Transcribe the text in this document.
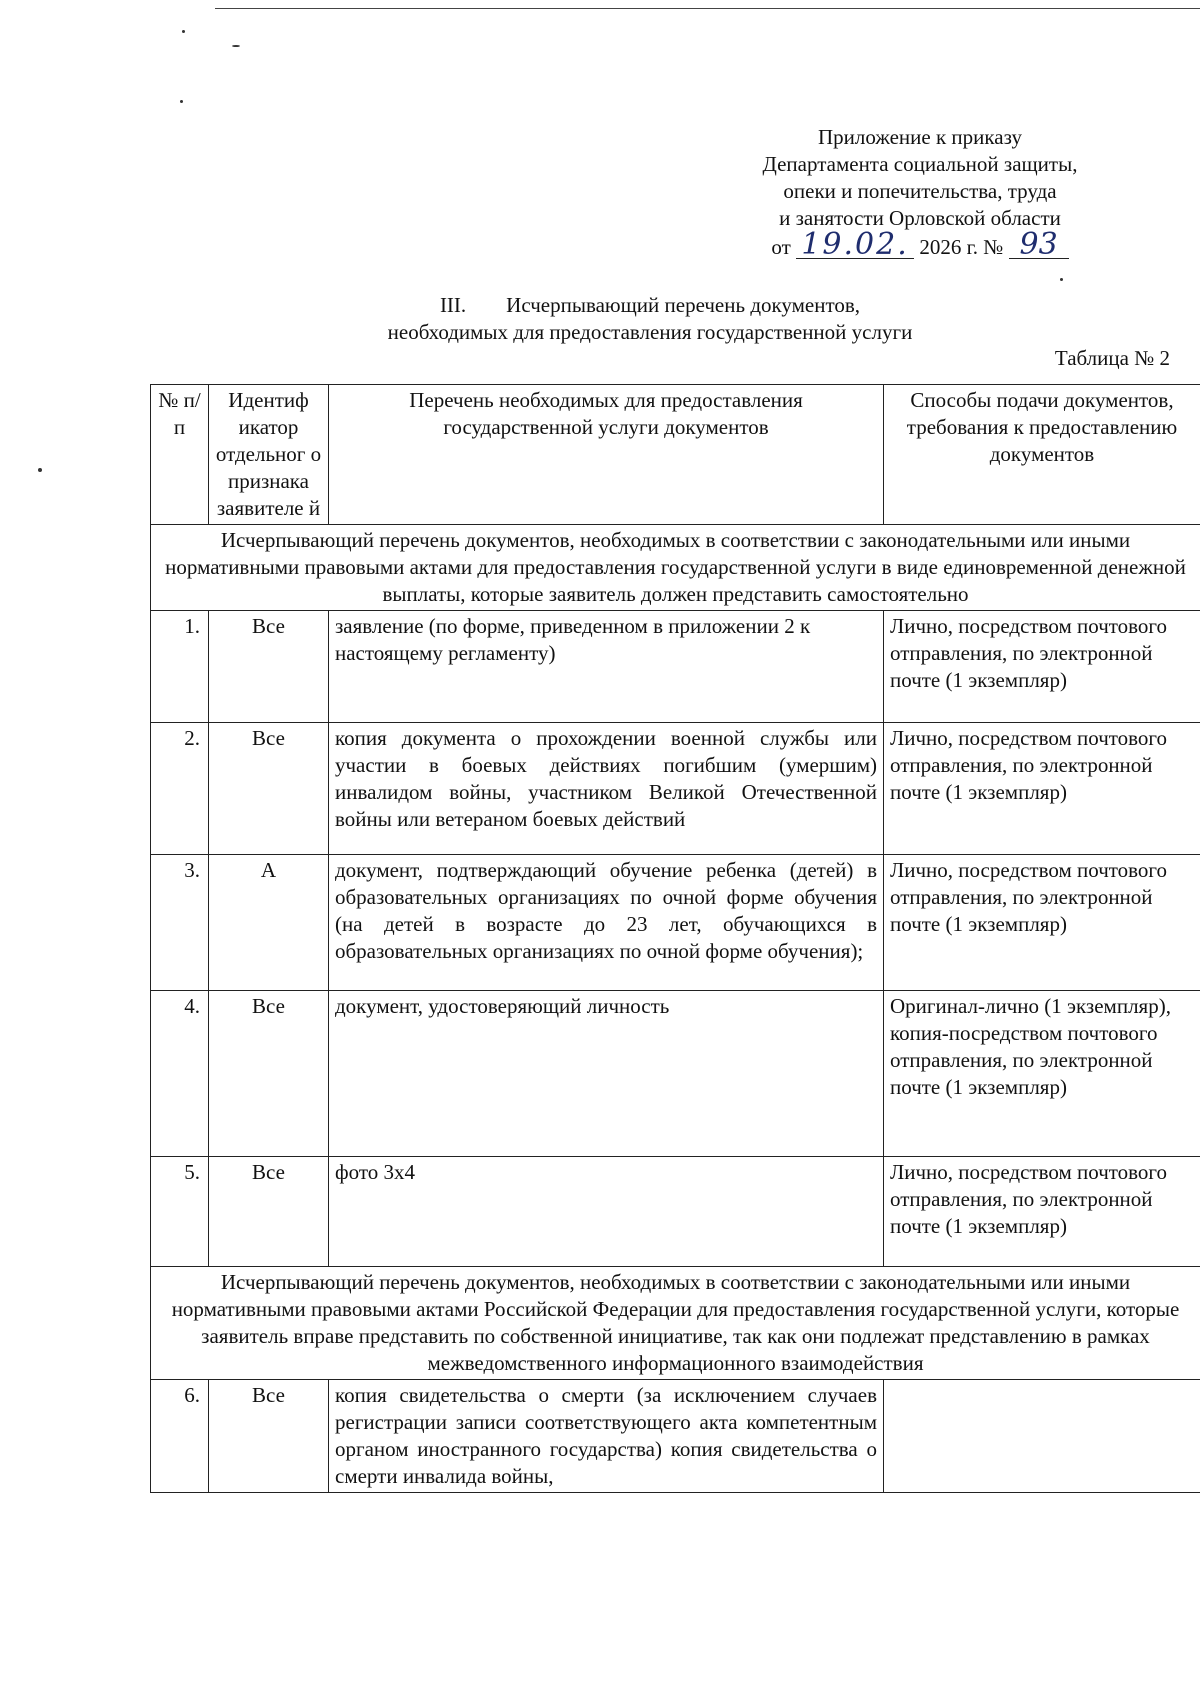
Приложение к приказу
Департамента социальной защиты,
опеки и попечительства, труда
и занятости Орловской области
от 19.02. 2026 г. № 93
III. Исчерпывающий перечень документов,
необходимых для предоставления государственной услуги
Таблица № 2
№ п/п	Идентиф икатор отдельног о признака заявителе й	Перечень необходимых для предоставления государственной услуги документов	Способы подачи документов, требования к предоставлению документов
Исчерпывающий перечень документов, необходимых в соответствии с законодательными или иными нормативными правовыми актами для предоставления государственной услуги в виде единовременной денежной выплаты, которые заявитель должен представить самостоятельно			
1.	Все	заявление (по форме, приведенном в приложении 2 к настоящему регламенту)	Лично, посредством почтового отправления, по электронной почте (1 экземпляр)
2.	Все	копия документа о прохождении военной службы или участии в боевых действиях погибшим (умершим) инвалидом войны, участником Великой Отечественной войны или ветераном боевых действий	Лично, посредством почтового отправления, по электронной почте (1 экземпляр)
3.	А	документ, подтверждающий обучение ребенка (детей) в образовательных организациях по очной форме обучения (на детей в возрасте до 23 лет, обучающихся в образовательных организациях по очной форме обучения);	Лично, посредством почтового отправления, по электронной почте (1 экземпляр)
4.	Все	документ, удостоверяющий личность	Оригинал-лично (1 экземпляр), копия-посредством почтового отправления, по электронной почте (1 экземпляр)
5.	Все	фото 3х4	Лично, посредством почтового отправления, по электронной почте (1 экземпляр)
Исчерпывающий перечень документов, необходимых в соответствии с законодательными или иными нормативными правовыми актами Российской Федерации для предоставления государственной услуги, которые заявитель вправе представить по собственной инициативе, так как они подлежат представлению в рамках межведомственного информационного взаимодействия			
6.	Все	копия свидетельства о смерти (за исключением случаев регистрации записи соответствующего акта компетентным органом иностранного государства) копия свидетельства о смерти инвалида войны,	
